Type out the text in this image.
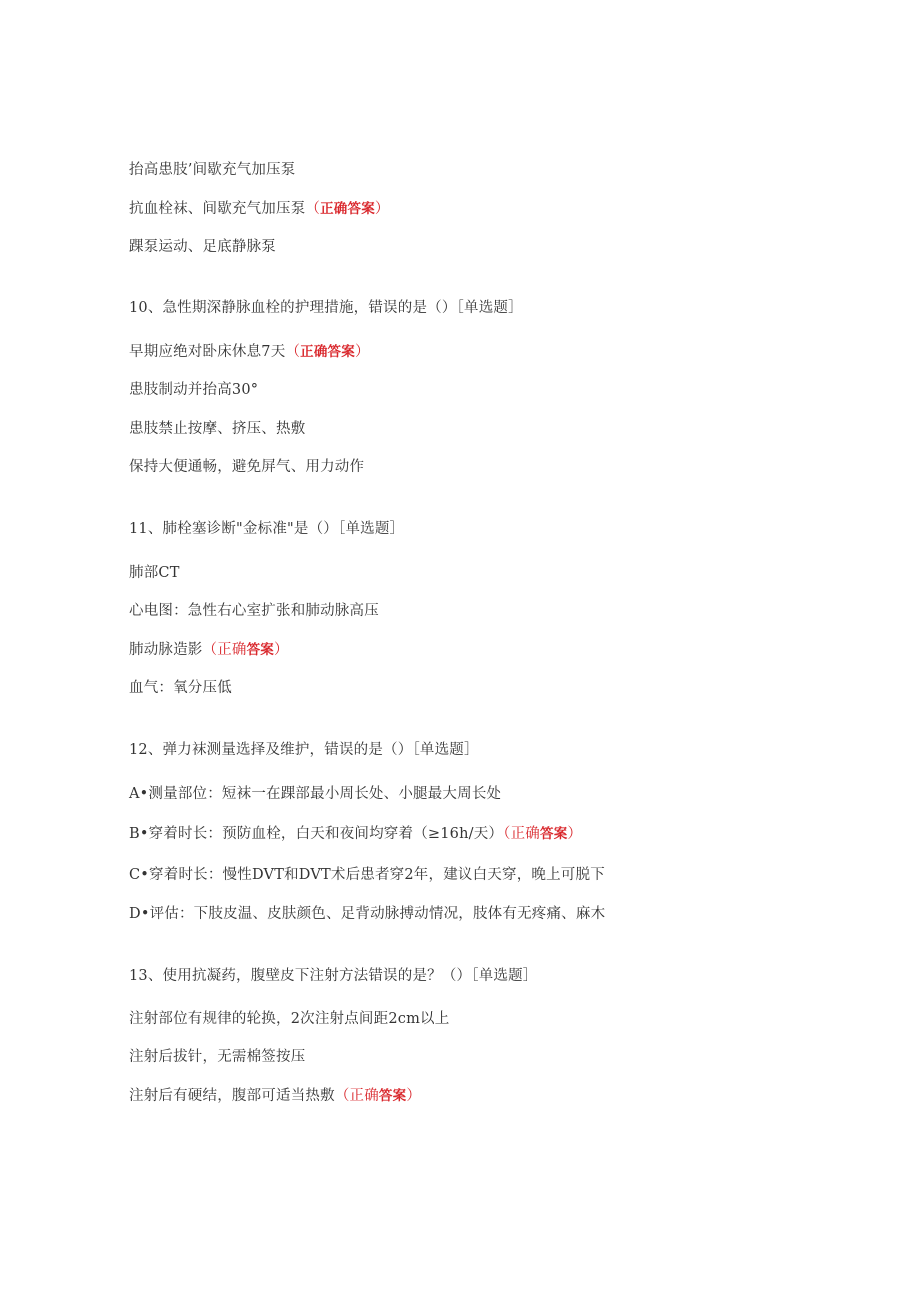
抬高患肢’间歇充气加压泵
抗血栓袜、间歇充气加压泵（正确答案）
踝泵运动、足底静脉泵
10、急性期深静脉血栓的护理措施，错误的是（）［单选题］
早期应绝对卧床休息7天（正确答案）
患肢制动并抬高30°
患肢禁止按摩、挤压、热敷
保持大便通畅，避免屏气、用力动作
11、肺栓塞诊断"金标准"是（）［单选题］
肺部CT
心电图：急性右心室扩张和肺动脉高压
肺动脉造影（正确答案）
血气：氧分压低
12、弹力袜测量选择及维护，错误的是（）［单选题］
A•测量部位：短袜一在踝部最小周长处、小腿最大周长处
B•穿着时长：预防血栓，白天和夜间均穿着（≥16h/天）（正确答案）
C•穿着时长：慢性DVT和DVT术后患者穿2年，建议白天穿，晚上可脱下
D•评估：下肢皮温、皮肤颜色、足背动脉搏动情况，肢体有无疼痛、麻木
13、使用抗凝药，腹壁皮下注射方法错误的是？（）［单选题］
注射部位有规律的轮换，2次注射点间距2cm以上
注射后拔针，无需棉签按压
注射后有硬结，腹部可适当热敷（正确答案）
